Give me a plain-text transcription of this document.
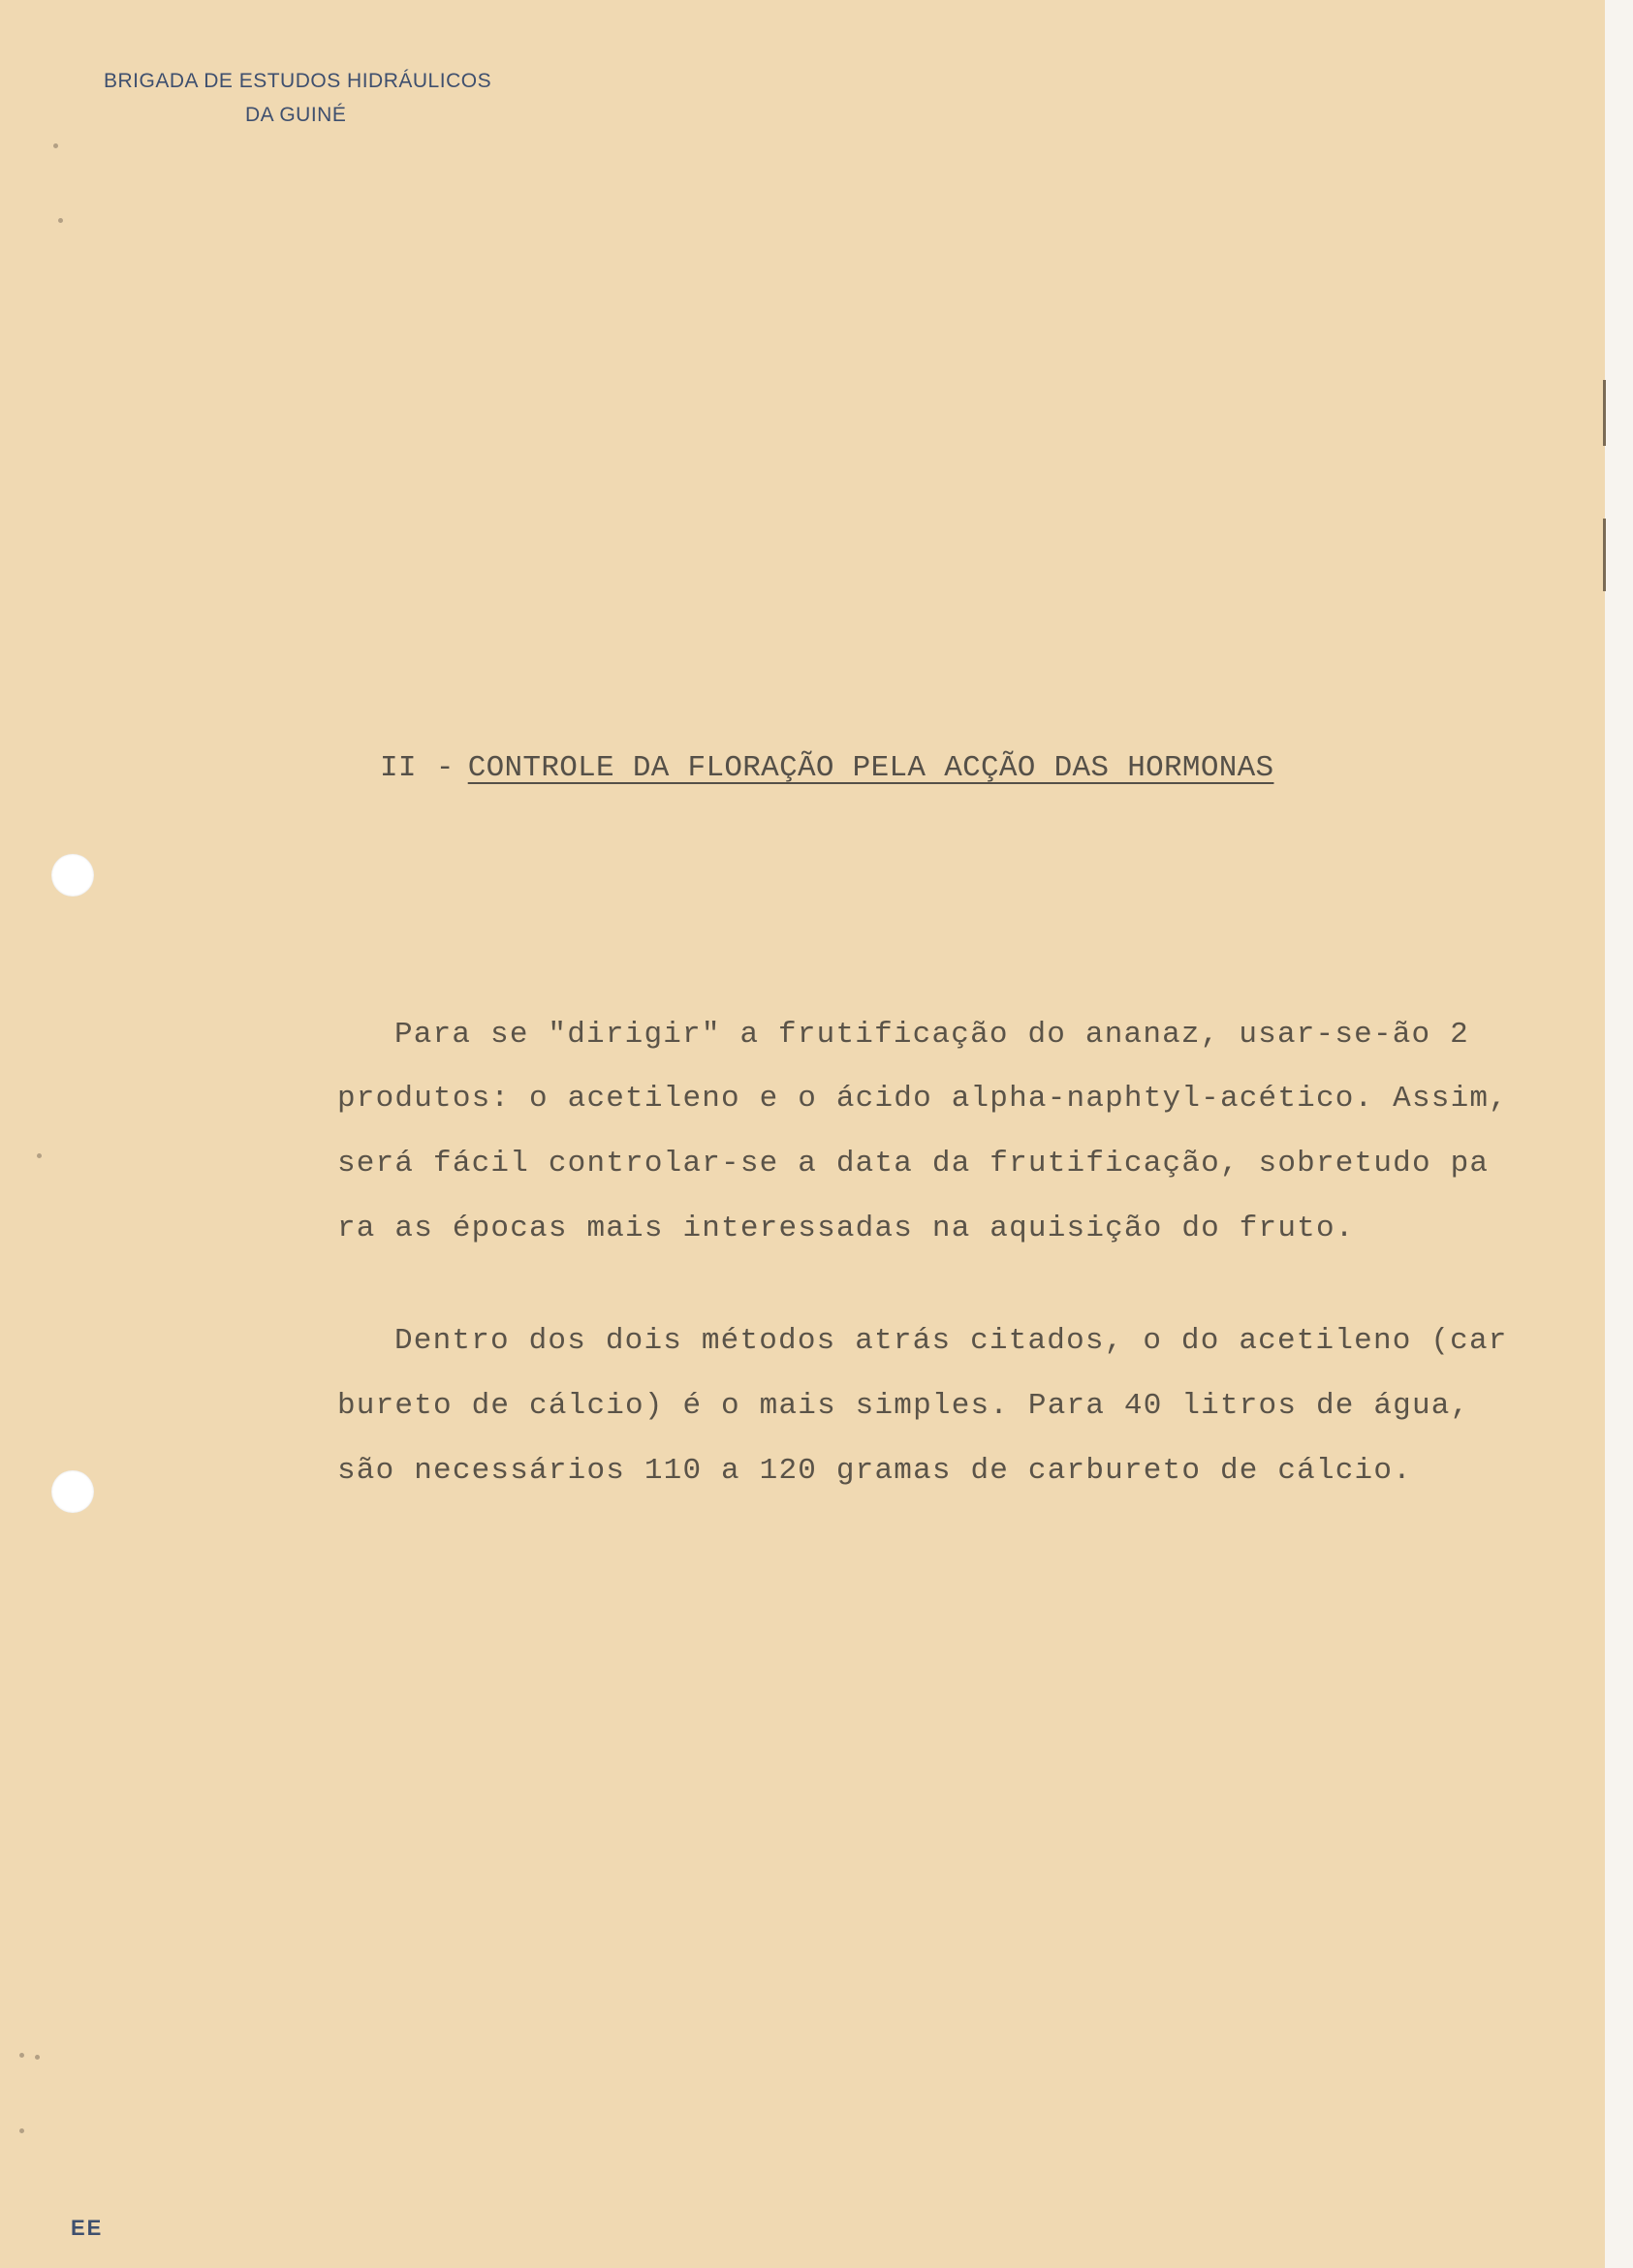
BRIGADA DE ESTUDOS HIDRÁULICOS
DA GUINÉ
II - CONTROLE DA FLORAÇÃO PELA ACÇÃO DAS HORMONAS
Para se "dirigir" a frutificação do ananaz, usar-se-ão 2
produtos: o acetileno e o ácido alpha-naphtyl-acético. Assim,
será fácil controlar-se a data da frutificação, sobretudo pa
ra as épocas mais interessadas na aquisição do fruto.
Dentro dos dois métodos atrás citados, o do acetileno (car
bureto de cálcio) é o mais simples. Para 40 litros de água,
são necessários 110 a 120 gramas de carbureto de cálcio.
EE
